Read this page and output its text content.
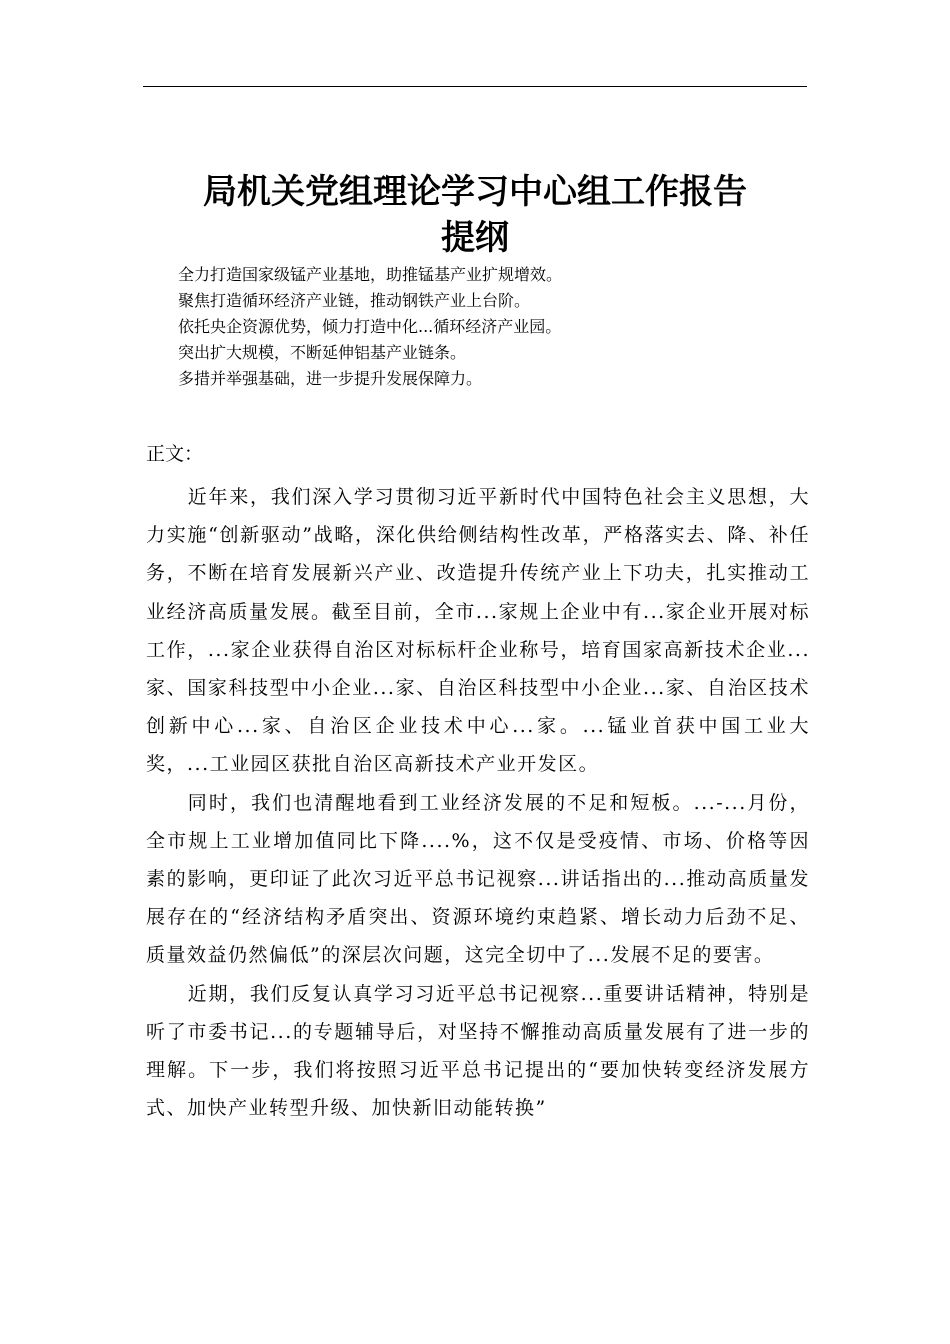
局机关党组理论学习中心组工作报告
提纲
全力打造国家级锰产业基地，助推锰基产业扩规增效。
聚焦打造循环经济产业链，推动钢铁产业上台阶。
依托央企资源优势，倾力打造中化...循环经济产业园。
突出扩大规模，不断延伸铝基产业链条。
多措并举强基础，进一步提升发展保障力。

正文：

近年来，我们深入学习贯彻习近平新时代中国特色社会主义思想，大力实施“创新驱动”战略，深化供给侧结构性改革，严格落实去、降、补任务，不断在培育发展新兴产业、改造提升传统产业上下功夫，扎实推动工业经济高质量发展。截至目前，全市...家规上企业中有...家企业开展对标工作，...家企业获得自治区对标标杆企业称号，培育国家高新技术企业...家、国家科技型中小企业...家、自治区科技型中小企业...家、自治区技术创新中心...家、自治区企业技术中心...家。...锰业首获中国工业大奖，...工业园区获批自治区高新技术产业开发区。

同时，我们也清醒地看到工业经济发展的不足和短板。...-...月份，全市规上工业增加值同比下降....%，这不仅是受疫情、市场、价格等因素的影响，更印证了此次习近平总书记视察...讲话指出的...推动高质量发展存在的“经济结构矛盾突出、资源环境约束趋紧、增长动力后劲不足、质量效益仍然偏低”的深层次问题，这完全切中了...发展不足的要害。

近期，我们反复认真学习习近平总书记视察...重要讲话精神，特别是听了市委书记...的专题辅导后，对坚持不懈推动高质量发展有了进一步的理解。下一步，我们将按照习近平总书记提出的“要加快转变经济发展方式、加快产业转型升级、加快新旧动能转换”
